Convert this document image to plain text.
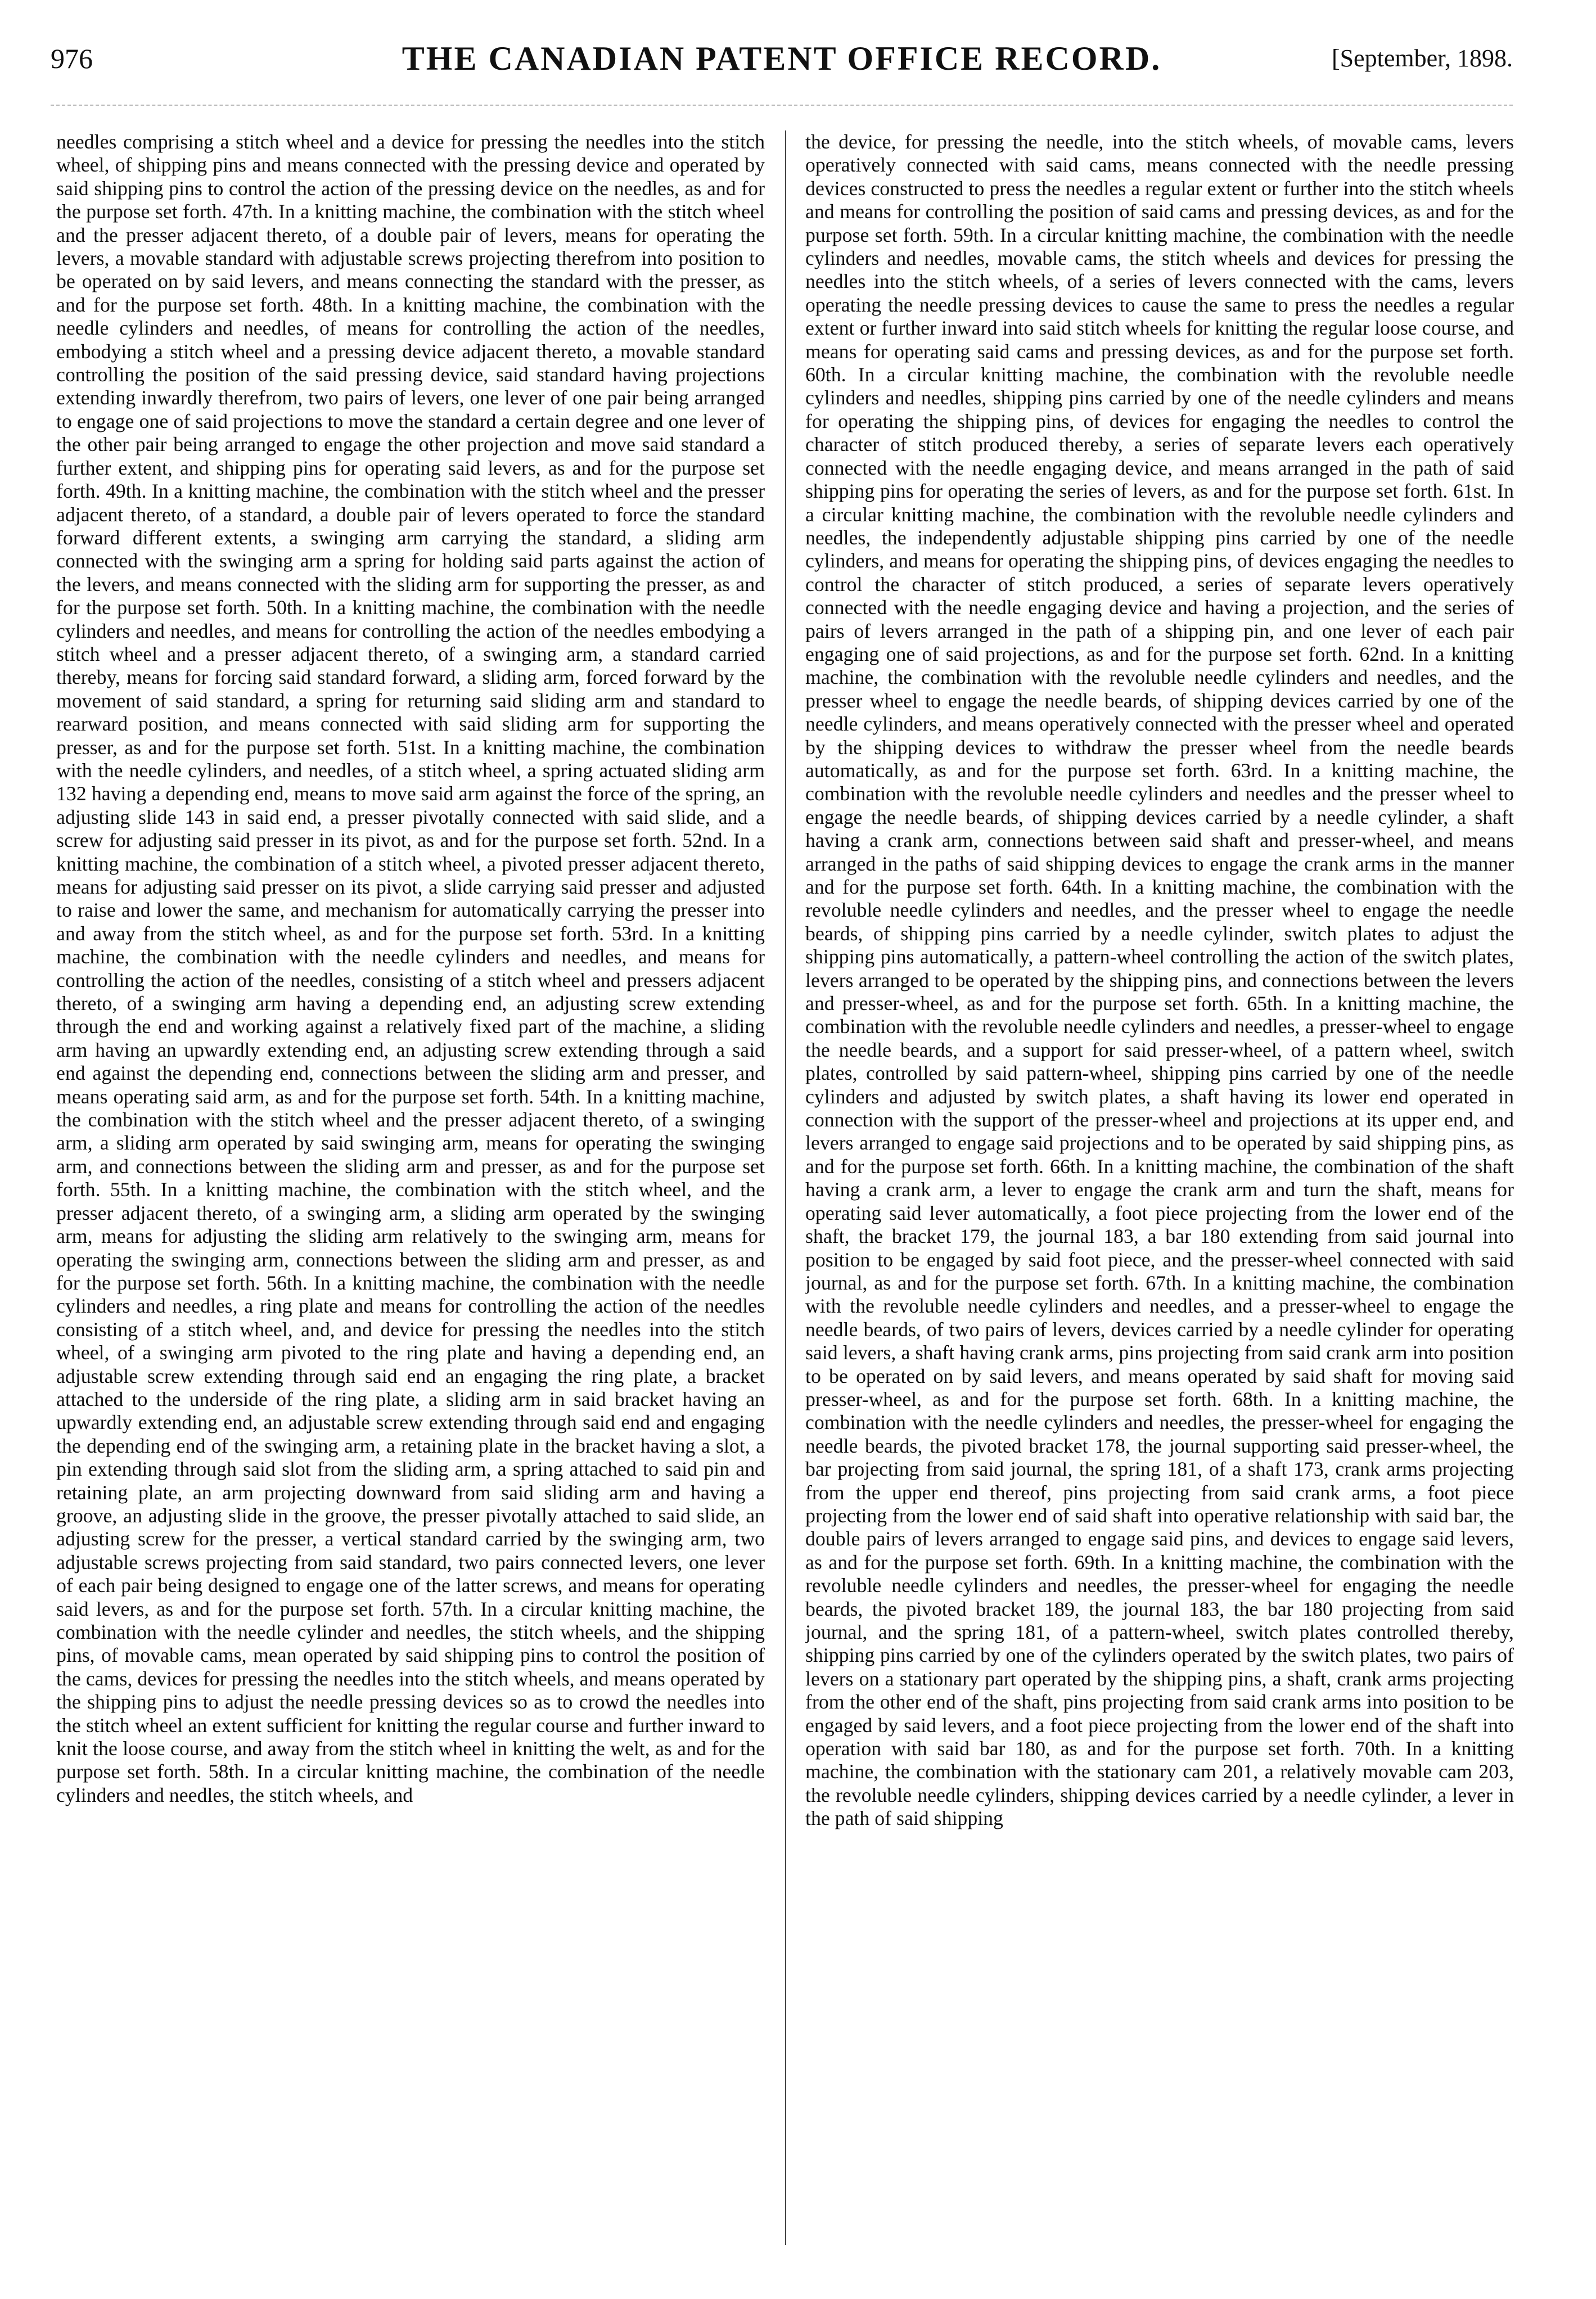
976	THE CANADIAN PATENT OFFICE RECORD.	[September, 1898.

needles comprising a stitch wheel and a device for pressing the needles into the stitch wheel, of shipping pins and means connected with the pressing device and operated by said shipping pins to control the action of the pressing device on the needles, as and for the purpose set forth. 47th. In a knitting machine, the combination with the stitch wheel and the presser adjacent thereto, of a double pair of levers, means for operating the levers, a movable standard with adjustable screws projecting therefrom into position to be operated on by said levers, and means connecting the standard with the presser, as and for the purpose set forth. 48th. In a knitting machine, the combination with the needle cylinders and needles, of means for controlling the action of the needles, embodying a stitch wheel and a pressing device adjacent thereto, a movable standard controlling the position of the said pressing device, said standard having projections extending inwardly therefrom, two pairs of levers, one lever of one pair being arranged to engage one of said projections to move the standard a certain degree and one lever of the other pair being arranged to engage the other projection and move said standard a further extent, and shipping pins for operating said levers, as and for the purpose set forth. 49th. In a knitting machine, the combination with the stitch wheel and the presser adjacent thereto, of a standard, a double pair of levers operated to force the standard forward different extents, a swinging arm carrying the standard, a sliding arm connected with the swinging arm a spring for holding said parts against the action of the levers, and means connected with the sliding arm for supporting the presser, as and for the purpose set forth. 50th. In a knitting machine, the combination with the needle cylinders and needles, and means for controlling the action of the needles embodying a stitch wheel and a presser adjacent thereto, of a swinging arm, a standard carried thereby, means for forcing said standard forward, a sliding arm, forced forward by the movement of said standard, a spring for returning said sliding arm and standard to rearward position, and means connected with said sliding arm for supporting the presser, as and for the purpose set forth. 51st. In a knitting machine, the combination with the needle cylinders, and needles, of a stitch wheel, a spring actuated sliding arm 132 having a depending end, means to move said arm against the force of the spring, an adjusting slide 143 in said end, a presser pivotally connected with said slide, and a screw for adjusting said presser in its pivot, as and for the purpose set forth. 52nd. In a knitting machine, the combination of a stitch wheel, a pivoted presser adjacent thereto, means for adjusting said presser on its pivot, a slide carrying said presser and adjusted to raise and lower the same, and mechanism for automatically carrying the presser into and away from the stitch wheel, as and for the purpose set forth. 53rd. In a knitting machine, the combination with the needle cylinders and needles, and means for controlling the action of the needles, consisting of a stitch wheel and pressers adjacent thereto, of a swinging arm having a depending end, an adjusting screw extending through the end and working against a relatively fixed part of the machine, a sliding arm having an upwardly extending end, an adjusting screw extending through a said end against the depending end, connections between the sliding arm and presser, and means operating said arm, as and for the purpose set forth. 54th. In a knitting machine, the combination with the stitch wheel and the presser adjacent thereto, of a swinging arm, a sliding arm operated by said swinging arm, means for operating the swinging arm, and connections between the sliding arm and presser, as and for the purpose set forth. 55th. In a knitting machine, the combination with the stitch wheel, and the presser adjacent thereto, of a swinging arm, a sliding arm operated by the swinging arm, means for adjusting the sliding arm relatively to the swinging arm, means for operating the swinging arm, connections between the sliding arm and presser, as and for the purpose set forth. 56th. In a knitting machine, the combination with the needle cylinders and needles, a ring plate and means for controlling the action of the needles consisting of a stitch wheel, and, and device for pressing the needles into the stitch wheel, of a swinging arm pivoted to the ring plate and having a depending end, an adjustable screw extending through said end an engaging the ring plate, a bracket attached to the underside of the ring plate, a sliding arm in said bracket having an upwardly extending end, an adjustable screw extending through said end and engaging the depending end of the swinging arm, a retaining plate in the bracket having a slot, a pin extending through said slot from the sliding arm, a spring attached to said pin and retaining plate, an arm projecting downward from said sliding arm and having a groove, an adjusting slide in the groove, the presser pivotally attached to said slide, an adjusting screw for the presser, a vertical standard carried by the swinging arm, two adjustable screws projecting from said standard, two pairs connected levers, one lever of each pair being designed to engage one of the latter screws, and means for operating said levers, as and for the purpose set forth. 57th. In a circular knitting machine, the combination with the needle cylinder and needles, the stitch wheels, and the shipping pins, of movable cams, mean operated by said shipping pins to control the position of the cams, devices for pressing the needles into the stitch wheels, and means operated by the shipping pins to adjust the needle pressing devices so as to crowd the needles into the stitch wheel an extent sufficient for knitting the regular course and further inward to knit the loose course, and away from the stitch wheel in knitting the welt, as and for the purpose set forth. 58th. In a circular knitting machine, the combination of the needle cylinders and needles, the stitch wheels, and

the device, for pressing the needle, into the stitch wheels, of movable cams, levers operatively connected with said cams, means connected with the needle pressing devices constructed to press the needles a regular extent or further into the stitch wheels and means for controlling the position of said cams and pressing devices, as and for the purpose set forth. 59th. In a circular knitting machine, the combination with the needle cylinders and needles, movable cams, the stitch wheels and devices for pressing the needles into the stitch wheels, of a series of levers connected with the cams, levers operating the needle pressing devices to cause the same to press the needles a regular extent or further inward into said stitch wheels for knitting the regular loose course, and means for operating said cams and pressing devices, as and for the purpose set forth. 60th. In a circular knitting machine, the combination with the revoluble needle cylinders and needles, shipping pins carried by one of the needle cylinders and means for operating the shipping pins, of devices for engaging the needles to control the character of stitch produced thereby, a series of separate levers each operatively connected with the needle engaging device, and means arranged in the path of said shipping pins for operating the series of levers, as and for the purpose set forth. 61st. In a circular knitting machine, the combination with the revoluble needle cylinders and needles, the independently adjustable shipping pins carried by one of the needle cylinders, and means for operating the shipping pins, of devices engaging the needles to control the character of stitch produced, a series of separate levers operatively connected with the needle engaging device and having a projection, and the series of pairs of levers arranged in the path of a shipping pin, and one lever of each pair engaging one of said projections, as and for the purpose set forth. 62nd. In a knitting machine, the combination with the revoluble needle cylinders and needles, and the presser wheel to engage the needle beards, of shipping devices carried by one of the needle cylinders, and means operatively connected with the presser wheel and operated by the shipping devices to withdraw the presser wheel from the needle beards automatically, as and for the purpose set forth. 63rd. In a knitting machine, the combination with the revoluble needle cylinders and needles and the presser wheel to engage the needle beards, of shipping devices carried by a needle cylinder, a shaft having a crank arm, connections between said shaft and presser-wheel, and means arranged in the paths of said shipping devices to engage the crank arms in the manner and for the purpose set forth. 64th. In a knitting machine, the combination with the revoluble needle cylinders and needles, and the presser wheel to engage the needle beards, of shipping pins carried by a needle cylinder, switch plates to adjust the shipping pins automatically, a pattern-wheel controlling the action of the switch plates, levers arranged to be operated by the shipping pins, and connections between the levers and presser-wheel, as and for the purpose set forth. 65th. In a knitting machine, the combination with the revoluble needle cylinders and needles, a presser-wheel to engage the needle beards, and a support for said presser-wheel, of a pattern wheel, switch plates, controlled by said pattern-wheel, shipping pins carried by one of the needle cylinders and adjusted by switch plates, a shaft having its lower end operated in connection with the support of the presser-wheel and projections at its upper end, and levers arranged to engage said projections and to be operated by said shipping pins, as and for the purpose set forth. 66th. In a knitting machine, the combination of the shaft having a crank arm, a lever to engage the crank arm and turn the shaft, means for operating said lever automatically, a foot piece projecting from the lower end of the shaft, the bracket 179, the journal 183, a bar 180 extending from said journal into position to be engaged by said foot piece, and the presser-wheel connected with said journal, as and for the purpose set forth. 67th. In a knitting machine, the combination with the revoluble needle cylinders and needles, and a presser-wheel to engage the needle beards, of two pairs of levers, devices carried by a needle cylinder for operating said levers, a shaft having crank arms, pins projecting from said crank arm into position to be operated on by said levers, and means operated by said shaft for moving said presser-wheel, as and for the purpose set forth. 68th. In a knitting machine, the combination with the needle cylinders and needles, the presser-wheel for engaging the needle beards, the pivoted bracket 178, the journal supporting said presser-wheel, the bar projecting from said journal, the spring 181, of a shaft 173, crank arms projecting from the upper end thereof, pins projecting from said crank arms, a foot piece projecting from the lower end of said shaft into operative relationship with said bar, the double pairs of levers arranged to engage said pins, and devices to engage said levers, as and for the purpose set forth. 69th. In a knitting machine, the combination with the revoluble needle cylinders and needles, the presser-wheel for engaging the needle beards, the pivoted bracket 189, the journal 183, the bar 180 projecting from said journal, and the spring 181, of a pattern-wheel, switch plates controlled thereby, shipping pins carried by one of the cylinders operated by the switch plates, two pairs of levers on a stationary part operated by the shipping pins, a shaft, crank arms projecting from the other end of the shaft, pins projecting from said crank arms into position to be engaged by said levers, and a foot piece projecting from the lower end of the shaft into operation with said bar 180, as and for the purpose set forth. 70th. In a knitting machine, the combination with the stationary cam 201, a relatively movable cam 203, the revoluble needle cylinders, shipping devices carried by a needle cylinder, a lever in the path of said shipping
